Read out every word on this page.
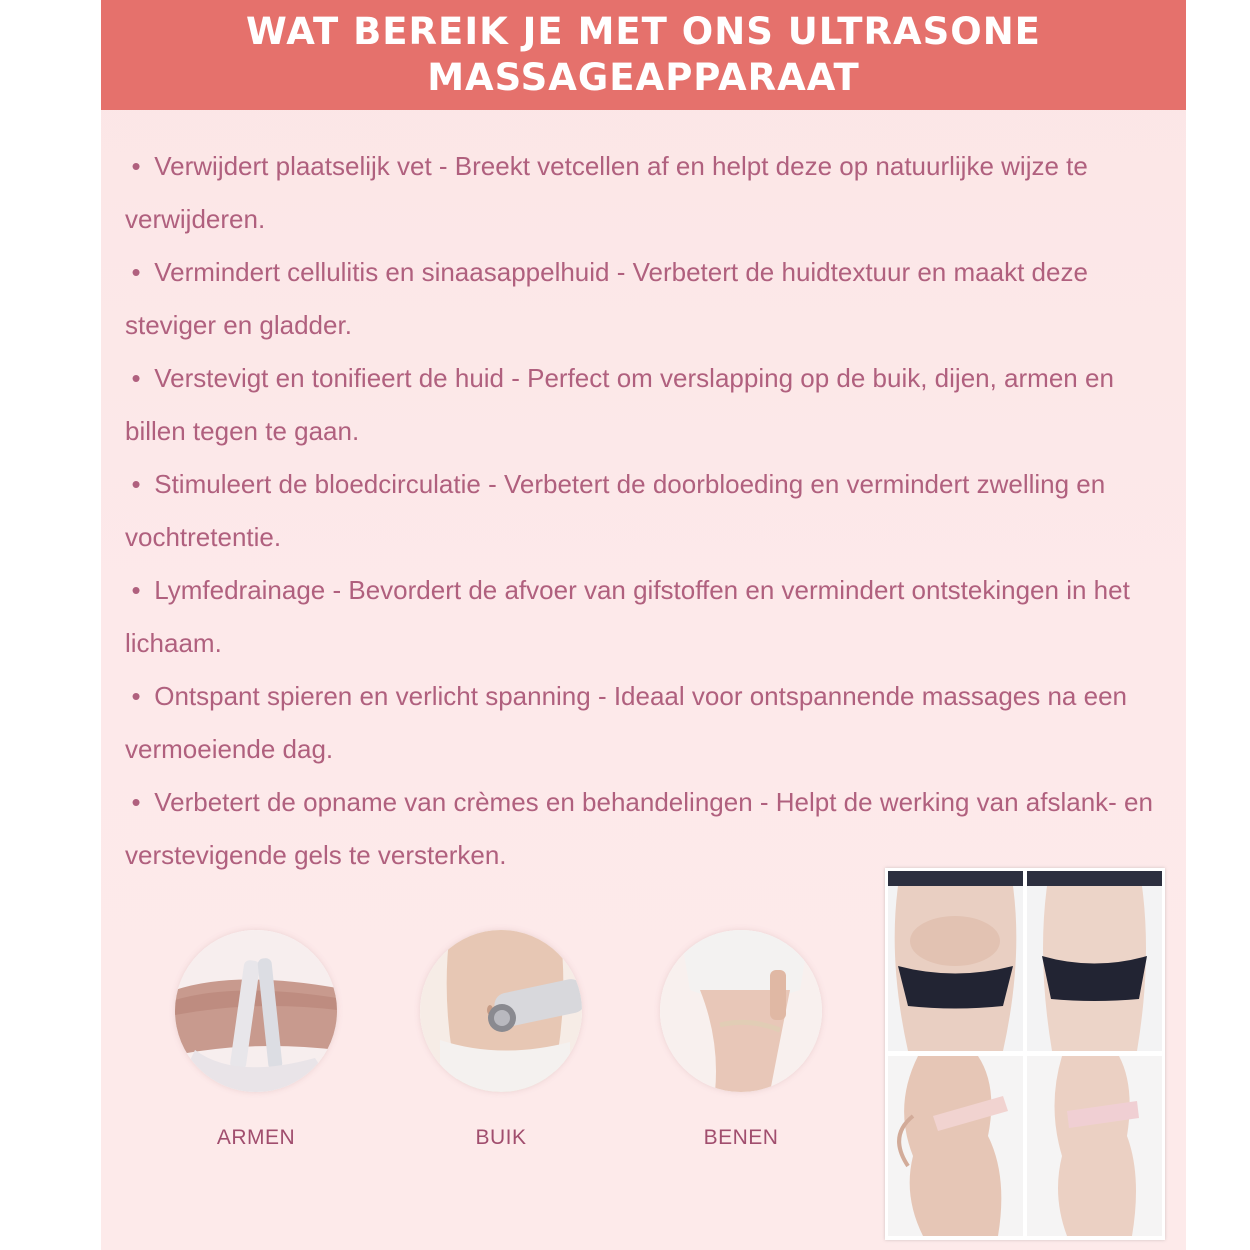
WAT BEREIK JE MET ONS ULTRASONE
MASSAGEAPPARAAT
• Verwijdert plaatselijk vet - Breekt vetcellen af en helpt deze op natuurlijke wijze te verwijderen.
• Vermindert cellulitis en sinaasappelhuid - Verbetert de huidtextuur en maakt deze steviger en gladder.
• Verstevigt en tonifieert de huid - Perfect om verslapping op de buik, dijen, armen en billen tegen te gaan.
• Stimuleert de bloedcirculatie - Verbetert de doorbloeding en vermindert zwelling en vochtretentie.
• Lymfedrainage - Bevordert de afvoer van gifstoffen en vermindert ontstekingen in het lichaam.
• Ontspant spieren en verlicht spanning - Ideaal voor ontspannende massages na een vermoeiende dag.
• Verbetert de opname van crèmes en behandelingen - Helpt de werking van afslank- en verstevigende gels te versterken.
ARMEN	BUIK	BENEN
